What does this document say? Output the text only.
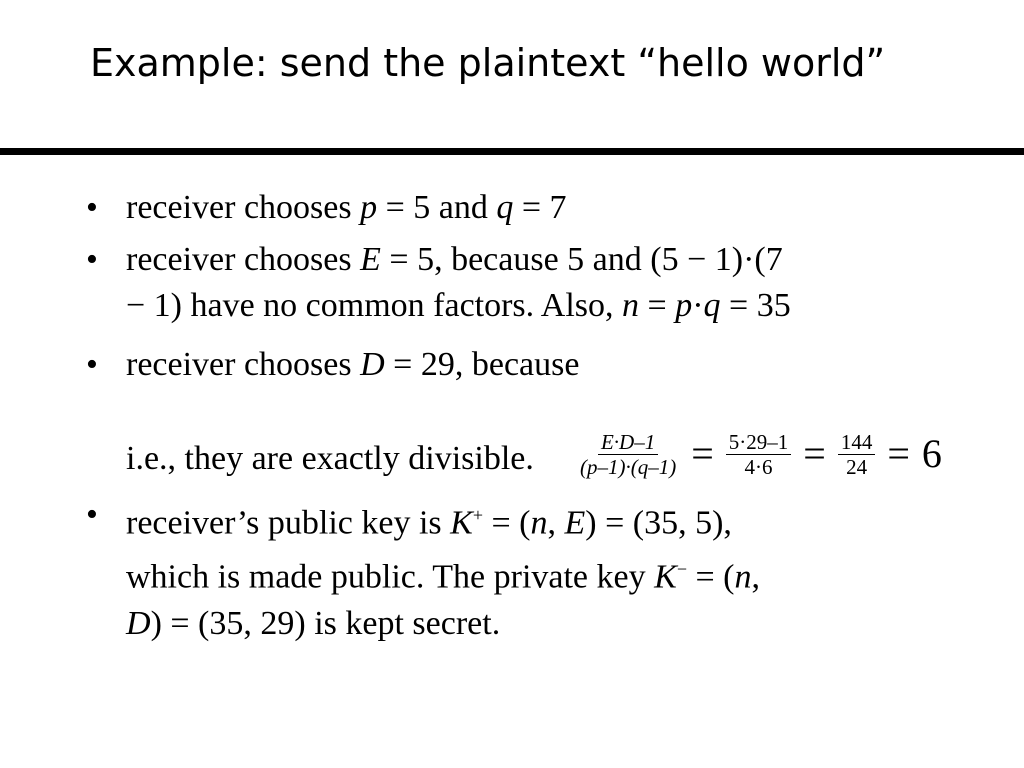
Example: send the plaintext “hello world”
• receiver chooses p = 5 and q = 7
• receiver chooses E = 5, because 5 and (5 − 1)·(7
− 1) have no common factors. Also, n = p·q = 35
• receiver chooses D = 29, because
i.e., they are exactly divisible.
• receiver’s public key is K+ = (n, E) = (35, 5),
which is made public. The private key K− = (n,
D) = (35, 29) is kept secret.
$\frac{E\cdot D-1}{(p-1)\cdot(q-1)} = \frac{5\cdot 29-1}{4\cdot 6} = \frac{144}{24} = 6$
